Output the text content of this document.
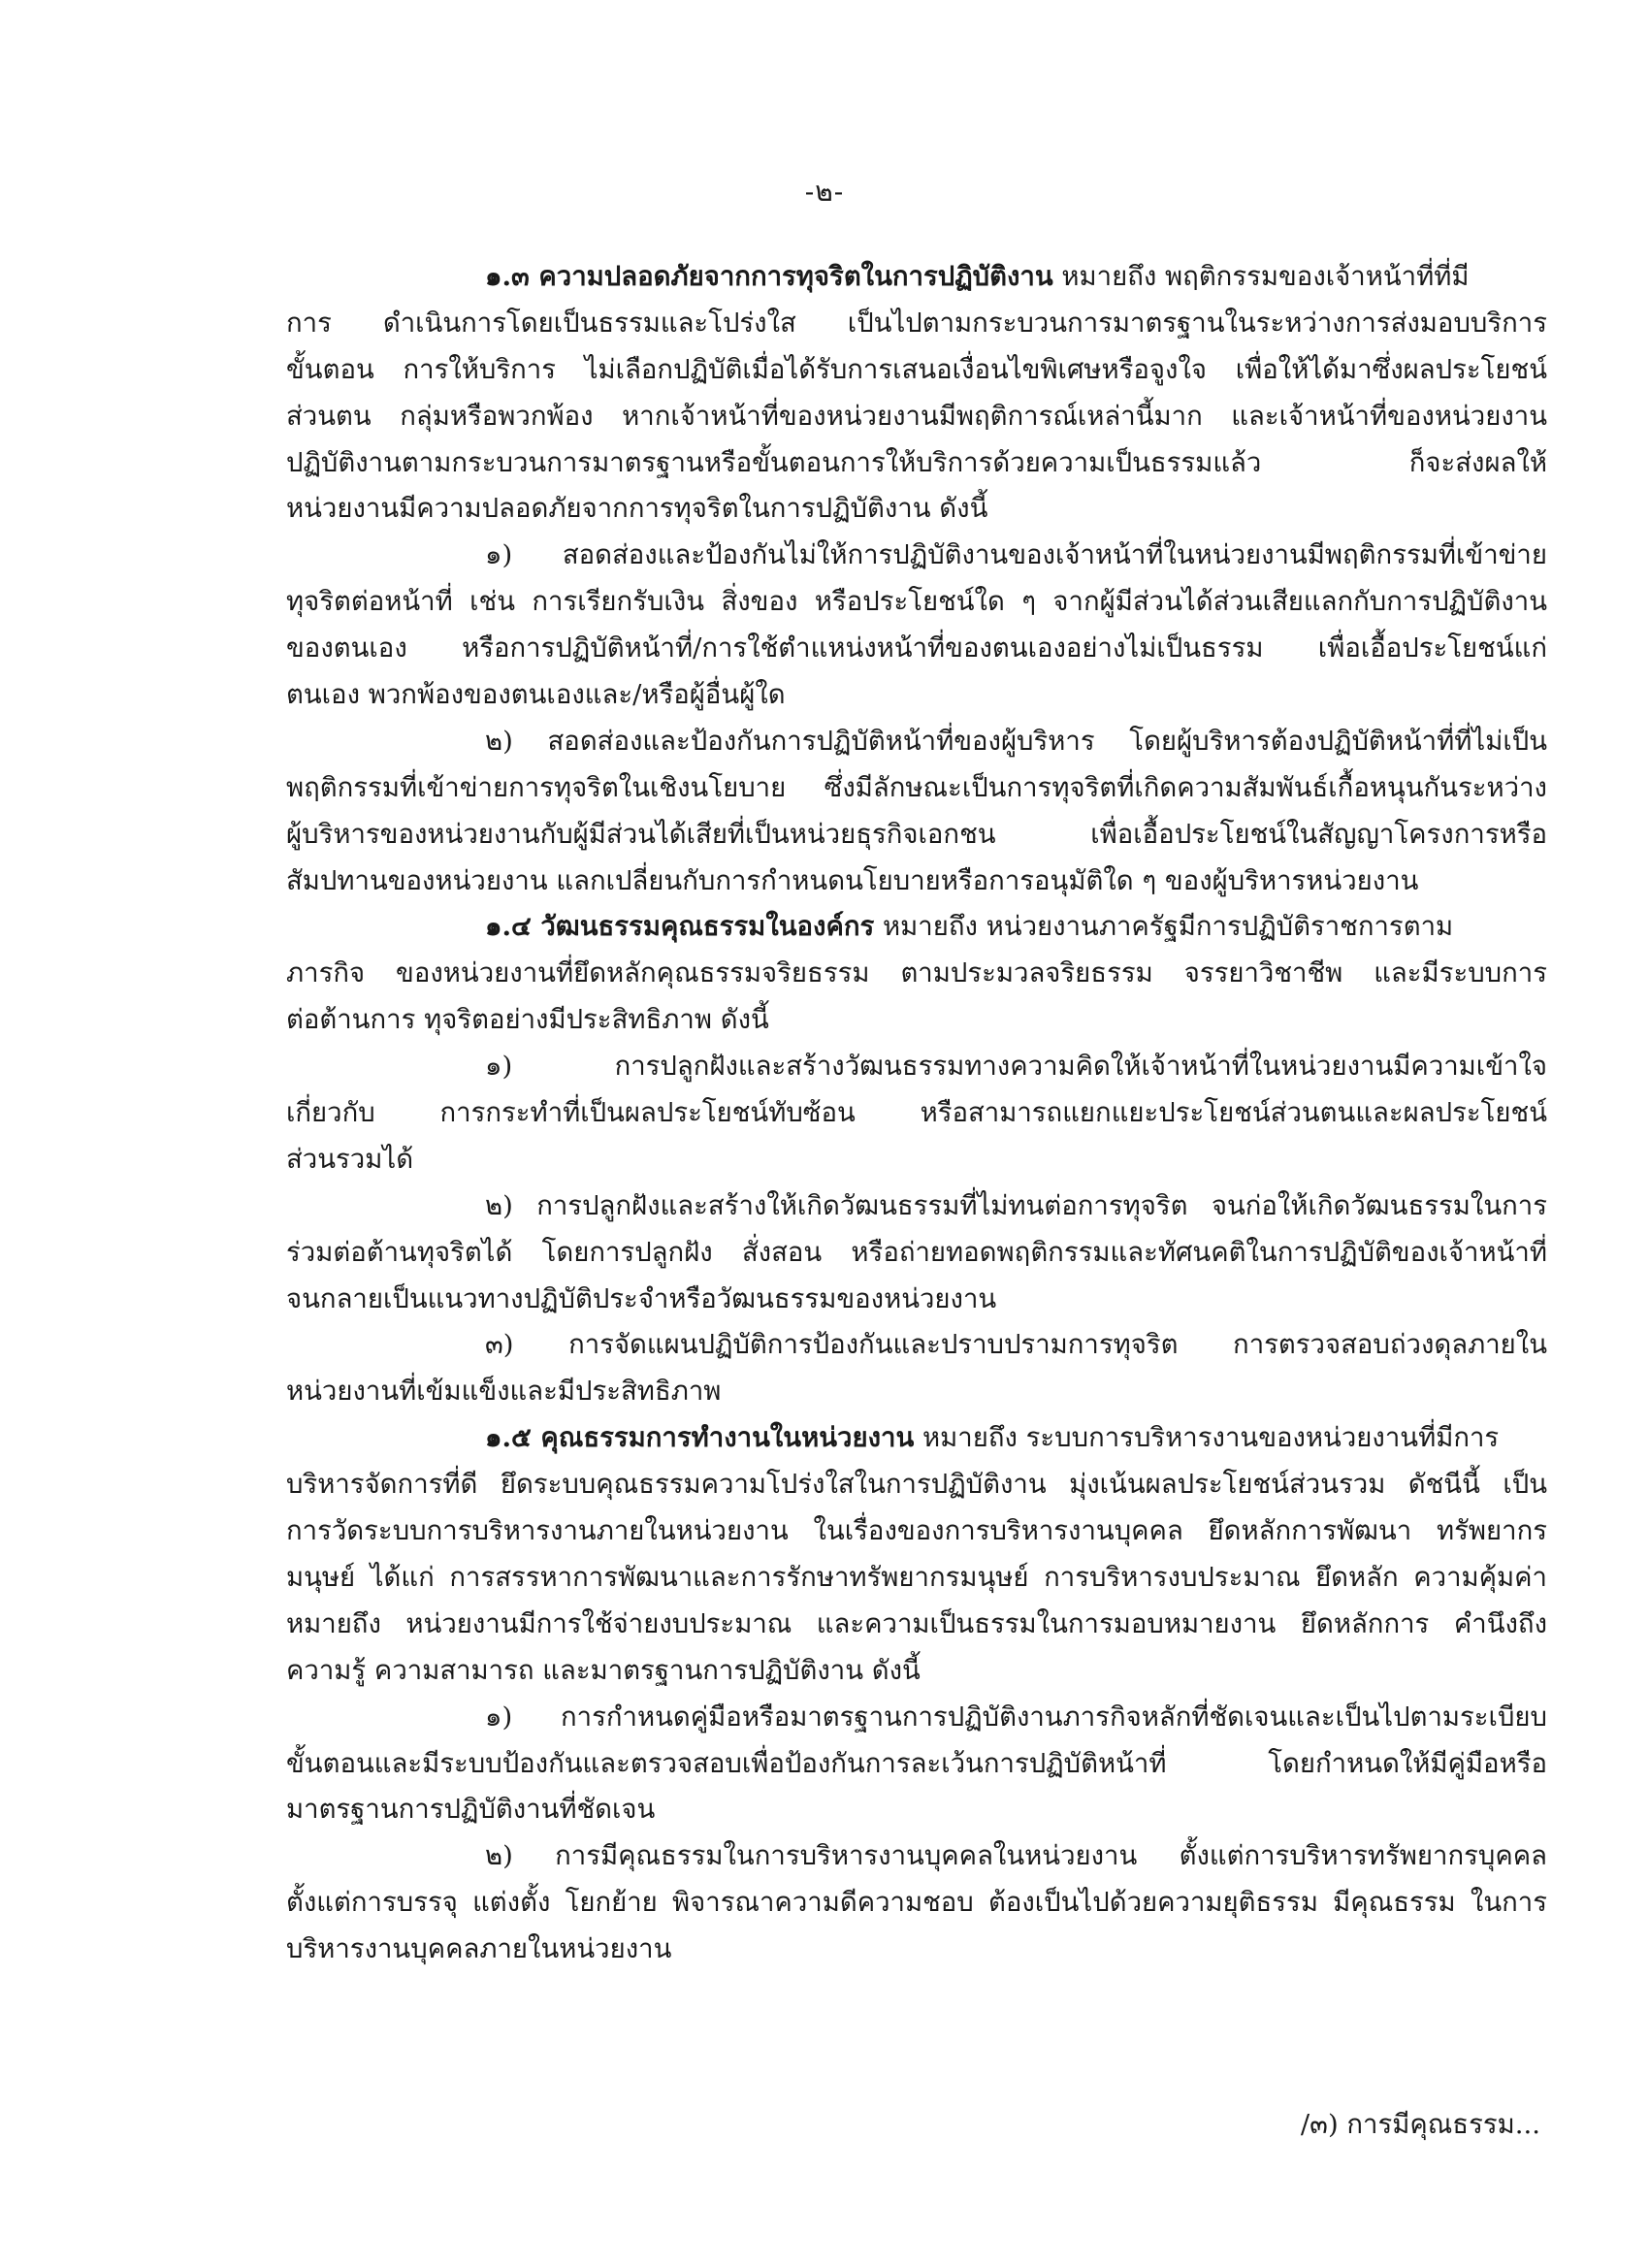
-๒-
๑.๓ ความปลอดภัยจากการทุจริตในการปฏิบัติงาน หมายถึง พฤติกรรมของเจ้าหน้าที่ที่มี
การ ดำเนินการโดยเป็นธรรมและโปร่งใส เป็นไปตามกระบวนการมาตรฐานในระหว่างการส่งมอบบริการ
ขั้นตอน การให้บริการ ไม่เลือกปฏิบัติเมื่อได้รับการเสนอเงื่อนไขพิเศษหรือจูงใจ เพื่อให้ได้มาซึ่งผลประโยชน์
ส่วนตน กลุ่มหรือพวกพ้อง หากเจ้าหน้าที่ของหน่วยงานมีพฤติการณ์เหล่านี้มาก และเจ้าหน้าที่ของหน่วยงาน
ปฏิบัติงานตามกระบวนการมาตรฐานหรือขั้นตอนการให้บริการด้วยความเป็นธรรมแล้ว ก็จะส่งผลให้
หน่วยงานมีความปลอดภัยจากการทุจริตในการปฏิบัติงาน ดังนี้
๑) สอดส่องและป้องกันไม่ให้การปฏิบัติงานของเจ้าหน้าที่ในหน่วยงานมีพฤติกรรมที่เข้าข่าย
ทุจริตต่อหน้าที่ เช่น การเรียกรับเงิน สิ่งของ หรือประโยชน์ใด ๆ จากผู้มีส่วนได้ส่วนเสียแลกกับการปฏิบัติงาน
ของตนเอง หรือการปฏิบัติหน้าที่/การใช้ตำแหน่งหน้าที่ของตนเองอย่างไม่เป็นธรรม เพื่อเอื้อประโยชน์แก่
ตนเอง พวกพ้องของตนเองและ/หรือผู้อื่นผู้ใด
๒) สอดส่องและป้องกันการปฏิบัติหน้าที่ของผู้บริหาร โดยผู้บริหารต้องปฏิบัติหน้าที่ที่ไม่เป็น
พฤติกรรมที่เข้าข่ายการทุจริตในเชิงนโยบาย ซึ่งมีลักษณะเป็นการทุจริตที่เกิดความสัมพันธ์เกื้อหนุนกันระหว่าง
ผู้บริหารของหน่วยงานกับผู้มีส่วนได้เสียที่เป็นหน่วยธุรกิจเอกชน เพื่อเอื้อประโยชน์ในสัญญาโครงการหรือ
สัมปทานของหน่วยงาน แลกเปลี่ยนกับการกำหนดนโยบายหรือการอนุมัติใด ๆ ของผู้บริหารหน่วยงาน
๑.๔ วัฒนธรรมคุณธรรมในองค์กร หมายถึง หน่วยงานภาครัฐมีการปฏิบัติราชการตาม
ภารกิจ ของหน่วยงานที่ยึดหลักคุณธรรมจริยธรรม ตามประมวลจริยธรรม จรรยาวิชาชีพ และมีระบบการ
ต่อต้านการ ทุจริตอย่างมีประสิทธิภาพ ดังนี้
๑) การปลูกฝังและสร้างวัฒนธรรมทางความคิดให้เจ้าหน้าที่ในหน่วยงานมีความเข้าใจ
เกี่ยวกับ การกระทำที่เป็นผลประโยชน์ทับซ้อน หรือสามารถแยกแยะประโยชน์ส่วนตนและผลประโยชน์
ส่วนรวมได้
๒) การปลูกฝังและสร้างให้เกิดวัฒนธรรมที่ไม่ทนต่อการทุจริต จนก่อให้เกิดวัฒนธรรมในการ
ร่วมต่อต้านทุจริตได้ โดยการปลูกฝัง สั่งสอน หรือถ่ายทอดพฤติกรรมและทัศนคติในการปฏิบัติของเจ้าหน้าที่
จนกลายเป็นแนวทางปฏิบัติประจำหรือวัฒนธรรมของหน่วยงาน
๓) การจัดแผนปฏิบัติการป้องกันและปราบปรามการทุจริต การตรวจสอบถ่วงดุลภายใน
หน่วยงานที่เข้มแข็งและมีประสิทธิภาพ
๑.๕ คุณธรรมการทำงานในหน่วยงาน หมายถึง ระบบการบริหารงานของหน่วยงานที่มีการ
บริหารจัดการที่ดี ยึดระบบคุณธรรมความโปร่งใสในการปฏิบัติงาน มุ่งเน้นผลประโยชน์ส่วนรวม ดัชนีนี้ เป็น
การวัดระบบการบริหารงานภายในหน่วยงาน ในเรื่องของการบริหารงานบุคคล ยึดหลักการพัฒนา ทรัพยากร
มนุษย์ ได้แก่ การสรรหาการพัฒนาและการรักษาทรัพยากรมนุษย์ การบริหารงบประมาณ ยึดหลัก ความคุ้มค่า
หมายถึง หน่วยงานมีการใช้จ่ายงบประมาณ และความเป็นธรรมในการมอบหมายงาน ยึดหลักการ คำนึงถึง
ความรู้ ความสามารถ และมาตรฐานการปฏิบัติงาน ดังนี้
๑) การกำหนดคู่มือหรือมาตรฐานการปฏิบัติงานภารกิจหลักที่ชัดเจนและเป็นไปตามระเบียบ
ขั้นตอนและมีระบบป้องกันและตรวจสอบเพื่อป้องกันการละเว้นการปฏิบัติหน้าที่ โดยกำหนดให้มีคู่มือหรือ
มาตรฐานการปฏิบัติงานที่ชัดเจน
๒) การมีคุณธรรมในการบริหารงานบุคคลในหน่วยงาน ตั้งแต่การบริหารทรัพยากรบุคคล
ตั้งแต่การบรรจุ แต่งตั้ง โยกย้าย พิจารณาความดีความชอบ ต้องเป็นไปด้วยความยุติธรรม มีคุณธรรม ในการ
บริหารงานบุคคลภายในหน่วยงาน
/๓) การมีคุณธรรม...
